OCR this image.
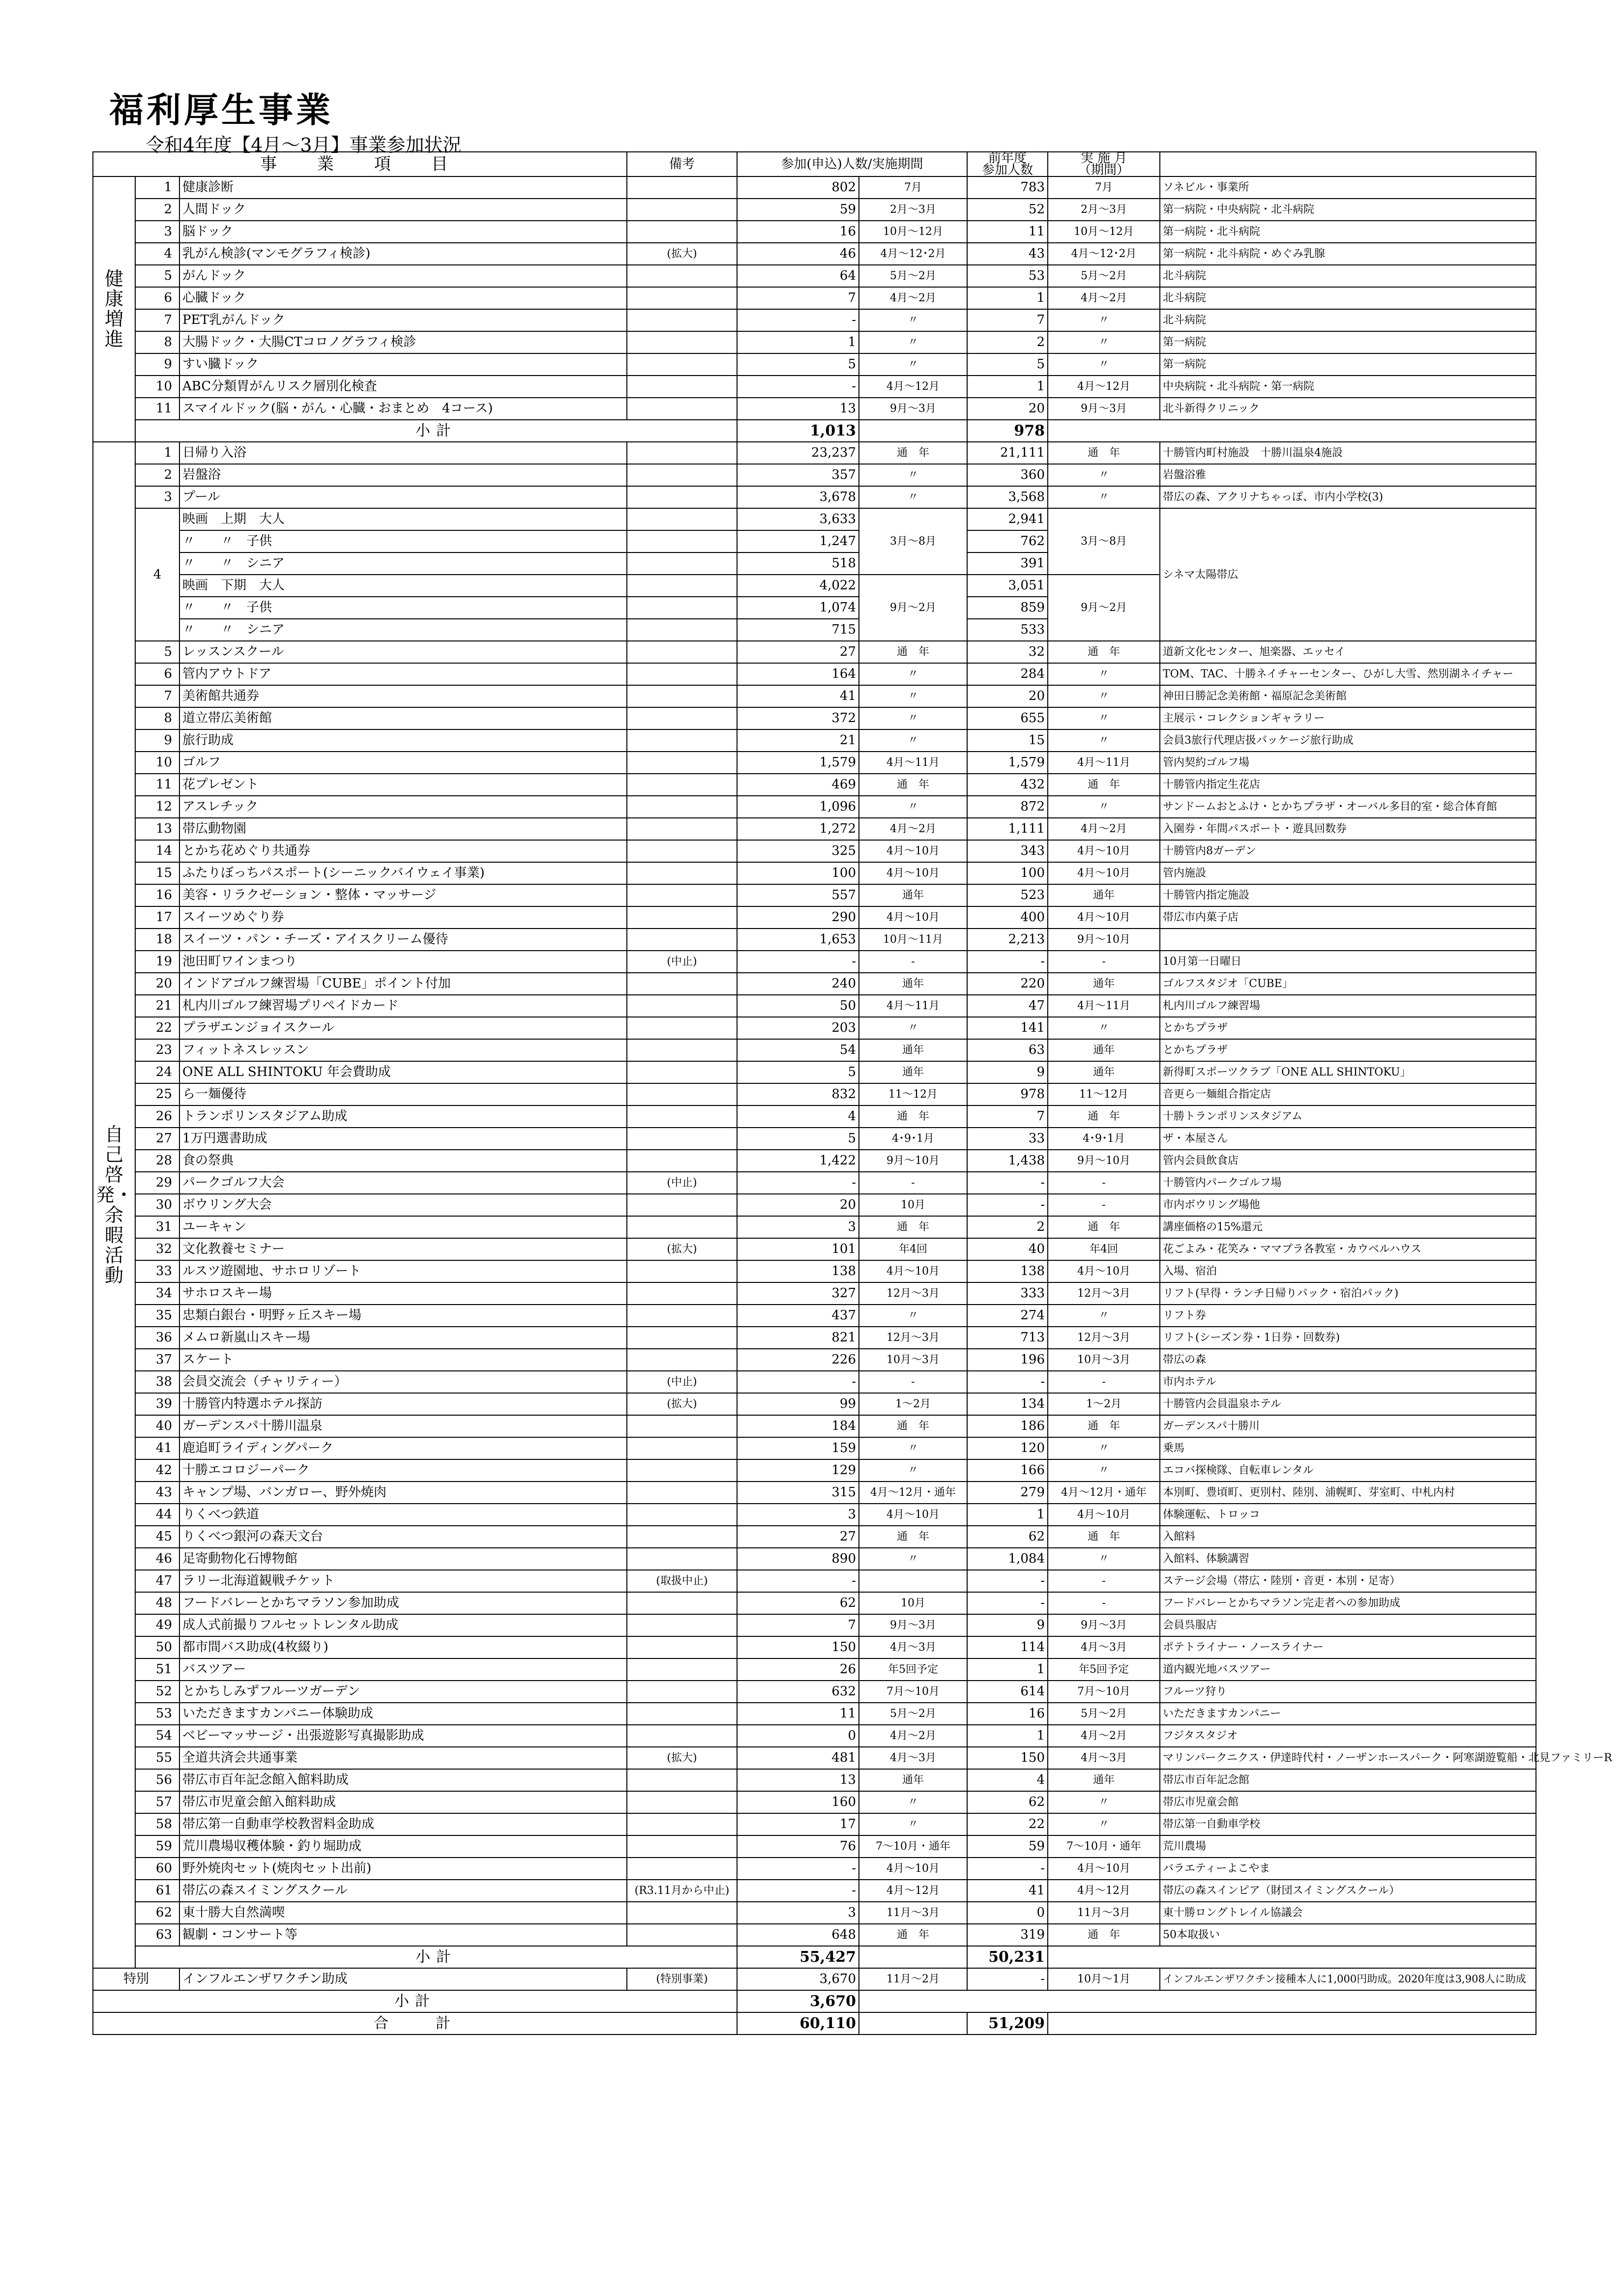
福利厚生事業

令和4年度【4月～3月】事業参加状況

事　業　項　目			備考	参加(申込)人数/実施期間		前年度
参加人数	実 施 月
（期間）	
健康増進	1	健康診断		802	7月	783	7月	ソネビル・事業所
	2	人間ドック		59	2月～3月	52	2月～3月	第一病院・中央病院・北斗病院
	3	脳ドック		16	10月～12月	11	10月～12月	第一病院・北斗病院
	4	乳がん検診(マンモグラフィ検診)	(拡大)	46	4月～12･2月	43	4月～12･2月	第一病院・北斗病院・めぐみ乳腺
	5	がんドック		64	5月～2月	53	5月～2月	北斗病院
	6	心臓ドック		7	4月～2月	1	4月～2月	北斗病院
	7	PET乳がんドック		-	〃	7	〃	北斗病院
	8	大腸ドック・大腸CTコロノグラフィ検診		1	〃	2	〃	第一病院
	9	すい臓ドック		5	〃	5	〃	第一病院
	10	ABC分類胃がんリスク層別化検査		-	4月～12月	1	4月～12月	中央病院・北斗病院・第一病院
	11	スマイルドック(脳・がん・心臓・おまとめ　4コース)		13	9月～3月	20	9月～3月	北斗新得クリニック
	小計			1,013		978		
自己啓発・余暇活動	1	日帰り入浴		23,237	通　年	21,111	通　年	十勝管内町村施設　十勝川温泉4施設
	2	岩盤浴		357	〃	360	〃	岩盤浴雅
	3	プール		3,678	〃	3,568	〃	帯広の森、アクリナちゃっぽ、市内小学校(3)
	4	映画　上期　大人		3,633	3月～8月	2,941	3月～8月	シネマ太陽帯広
		〃　　〃　子供		1,247		762		
		〃　　〃　シニア		518		391		
		映画　下期　大人		4,022	9月～2月	3,051	9月～2月	
		〃　　〃　子供		1,074		859		
		〃　　〃　シニア		715		533		
	5	レッスンスクール		27	通　年	32	通　年	道新文化センター、旭楽器、エッセイ
	6	管内アウトドア		164	〃	284	〃	TOM、TAC、十勝ネイチャーセンター、ひがし大雪、然別湖ネイチャー
	7	美術館共通券		41	〃	20	〃	神田日勝記念美術館・福原記念美術館
	8	道立帯広美術館		372	〃	655	〃	主展示・コレクションギャラリー
	9	旅行助成		21	〃	15	〃	会員3旅行代理店扱パッケージ旅行助成
	10	ゴルフ		1,579	4月～11月	1,579	4月～11月	管内契約ゴルフ場
	11	花プレゼント		469	通　年	432	通　年	十勝管内指定生花店
	12	アスレチック		1,096	〃	872	〃	サンドームおとふけ・とかちプラザ・オーバル多目的室・総合体育館
	13	帯広動物園		1,272	4月～2月	1,111	4月～2月	入園券・年間パスポート・遊具回数券
	14	とかち花めぐり共通券		325	4月～10月	343	4月～10月	十勝管内8ガーデン
	15	ふたりぼっちパスポート(シーニックバイウェイ事業)		100	4月～10月	100	4月～10月	管内施設
	16	美容・リラクゼーション・整体・マッサージ		557	通年	523	通年	十勝管内指定施設
	17	スイーツめぐり券		290	4月～10月	400	4月～10月	帯広市内菓子店
	18	スイーツ・パン・チーズ・アイスクリーム優待		1,653	10月～11月	2,213	9月～10月	
	19	池田町ワインまつり	(中止)	-	-	-	-	10月第一日曜日
	20	インドアゴルフ練習場「CUBE」ポイント付加		240	通年	220	通年	ゴルフスタジオ「CUBE」
	21	札内川ゴルフ練習場プリペイドカード		50	4月～11月	47	4月～11月	札内川ゴルフ練習場
	22	プラザエンジョイスクール		203	〃	141	〃	とかちプラザ
	23	フィットネスレッスン		54	通年	63	通年	とかちプラザ
	24	ONE ALL SHINTOKU 年会費助成		5	通年	9	通年	新得町スポーツクラブ「ONE ALL SHINTOKU」
	25	ら一麺優待		832	11～12月	978	11～12月	音更ら一麺組合指定店
	26	トランポリンスタジアム助成		4	通　年	7	通　年	十勝トランポリンスタジアム
	27	1万円選書助成		5	4･9･1月	33	4･9･1月	ザ・本屋さん
	28	食の祭典		1,422	9月～10月	1,438	9月～10月	管内会員飲食店
	29	パークゴルフ大会	(中止)	-	-	-	-	十勝管内パークゴルフ場
	30	ボウリング大会		20	10月	-	-	市内ボウリング場他
	31	ユーキャン		3	通　年	2	通　年	講座価格の15%還元
	32	文化教養セミナー	(拡大)	101	年4回	40	年4回	花ごよみ・花笑み・ママプラ各教室・カウベルハウス
	33	ルスツ遊園地、サホロリゾート		138	4月～10月	138	4月～10月	入場、宿泊
	34	サホロスキー場		327	12月～3月	333	12月～3月	リフト(早得・ランチ日帰りパック・宿泊パック)
	35	忠類白銀台・明野ヶ丘スキー場		437	〃	274	〃	リフト券
	36	メムロ新嵐山スキー場		821	12月～3月	713	12月～3月	リフト(シーズン券・1日券・回数券)
	37	スケート		226	10月～3月	196	10月～3月	帯広の森
	38	会員交流会（チャリティー）	(中止)	-	-	-	-	市内ホテル
	39	十勝管内特選ホテル探訪	(拡大)	99	1～2月	134	1～2月	十勝管内会員温泉ホテル
	40	ガーデンスパ十勝川温泉		184	通　年	186	通　年	ガーデンスパ十勝川
	41	鹿追町ライディングパーク		159	〃	120	〃	乗馬
	42	十勝エコロジーパーク		129	〃	166	〃	エコバ探検隊、自転車レンタル
	43	キャンプ場、バンガロー、野外焼肉		315	4月～12月・通年	279	4月～12月・通年	本別町、豊頃町、更別村、陸別、浦幌町、芽室町、中札内村
	44	りくべつ鉄道		3	4月～10月	1	4月～10月	体験運転、トロッコ
	45	りくべつ銀河の森天文台		27	通　年	62	通　年	入館料
	46	足寄動物化石博物館		890	〃	1,084	〃	入館料、体験講習
	47	ラリー北海道観戦チケット	(取扱中止)	-		-	-	ステージ会場（帯広・陸別・音更・本別・足寄）
	48	フードバレーとかちマラソン参加助成		62	10月	-	-	フードバレーとかちマラソン完走者への参加助成
	49	成人式前撮りフルセットレンタル助成		7	9月～3月	9	9月～3月	会員呉服店
	50	都市間バス助成(4枚綴り)		150	4月～3月	114	4月～3月	ポテトライナー・ノースライナー
	51	バスツアー		26	年5回予定	1	年5回予定	道内観光地バスツアー
	52	とかちしみずフルーツガーデン		632	7月～10月	614	7月～10月	フルーツ狩り
	53	いただきますカンパニー体験助成		11	5月～2月	16	5月～2月	いただきますカンパニー
	54	ベビーマッサージ・出張遊影写真撮影助成		0	4月～2月	1	4月～2月	フジタスタジオ
	55	全道共済会共通事業	(拡大)	481	4月～3月	150	4月～3月	マリンパークニクス・伊達時代村・ノーザンホースパーク・阿寒湖遊覧船・北見ファミリーR
	56	帯広市百年記念館入館料助成		13	通年	4	通年	帯広市百年記念館
	57	帯広市児童会館入館料助成		160	〃	62	〃	帯広市児童会館
	58	帯広第一自動車学校教習料金助成		17	〃	22	〃	帯広第一自動車学校
	59	荒川農場収穫体験・釣り堀助成		76	7～10月・通年	59	7～10月・通年	荒川農場
	60	野外焼肉セット(焼肉セット出前)		-	4月～10月	-	4月～10月	バラエティーよこやま
	61	帯広の森スイミングスクール	(R3.11月から中止)	-	4月～12月	41	4月～12月	帯広の森スインピア（財団スイミングスクール）
	62	東十勝大自然満喫		3	11月～3月	0	11月～3月	東十勝ロングトレイル協議会
	63	観劇・コンサート等		648	通　年	319	通　年	50本取扱い
	小計			55,427		50,231		
特別		インフルエンザワクチン助成	(特別事業)	3,670	11月～2月	-	10月～1月	インフルエンザワクチン接種本人に1,000円助成。2020年度は3,908人に助成
小計				3,670				
合　　計				60,110		51,209		
